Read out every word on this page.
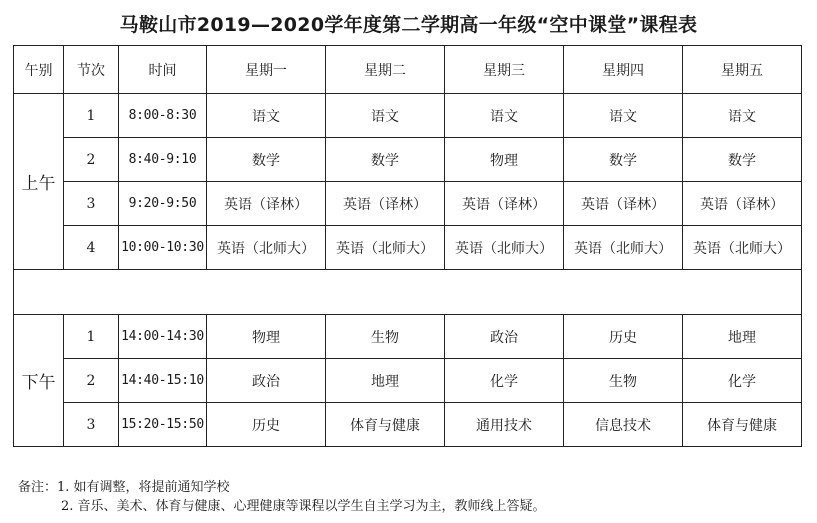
马鞍山市2019—2020学年度第二学期高一年级“空中课堂”课程表
午别	节次	时间	星期一	星期二	星期三	星期四	星期五
上午	1	8:00-8:30	语文	语文	语文	语文	语文
	2	8:40-9:10	数学	数学	物理	数学	数学
	3	9:20-9:50	英语（译林）	英语（译林）	英语（译林）	英语（译林）	英语（译林）
	4	10:00-10:30	英语（北师大）	英语（北师大）	英语（北师大）	英语（北师大）	英语（北师大）

下午	1	14:00-14:30	物理	生物	政治	历史	地理
	2	14:40-15:10	政治	地理	化学	生物	化学
	3	15:20-15:50	历史	体育与健康	通用技术	信息技术	体育与健康
备注：1. 如有调整，将提前通知学校
2. 音乐、美术、体育与健康、心理健康等课程以学生自主学习为主，教师线上答疑。
